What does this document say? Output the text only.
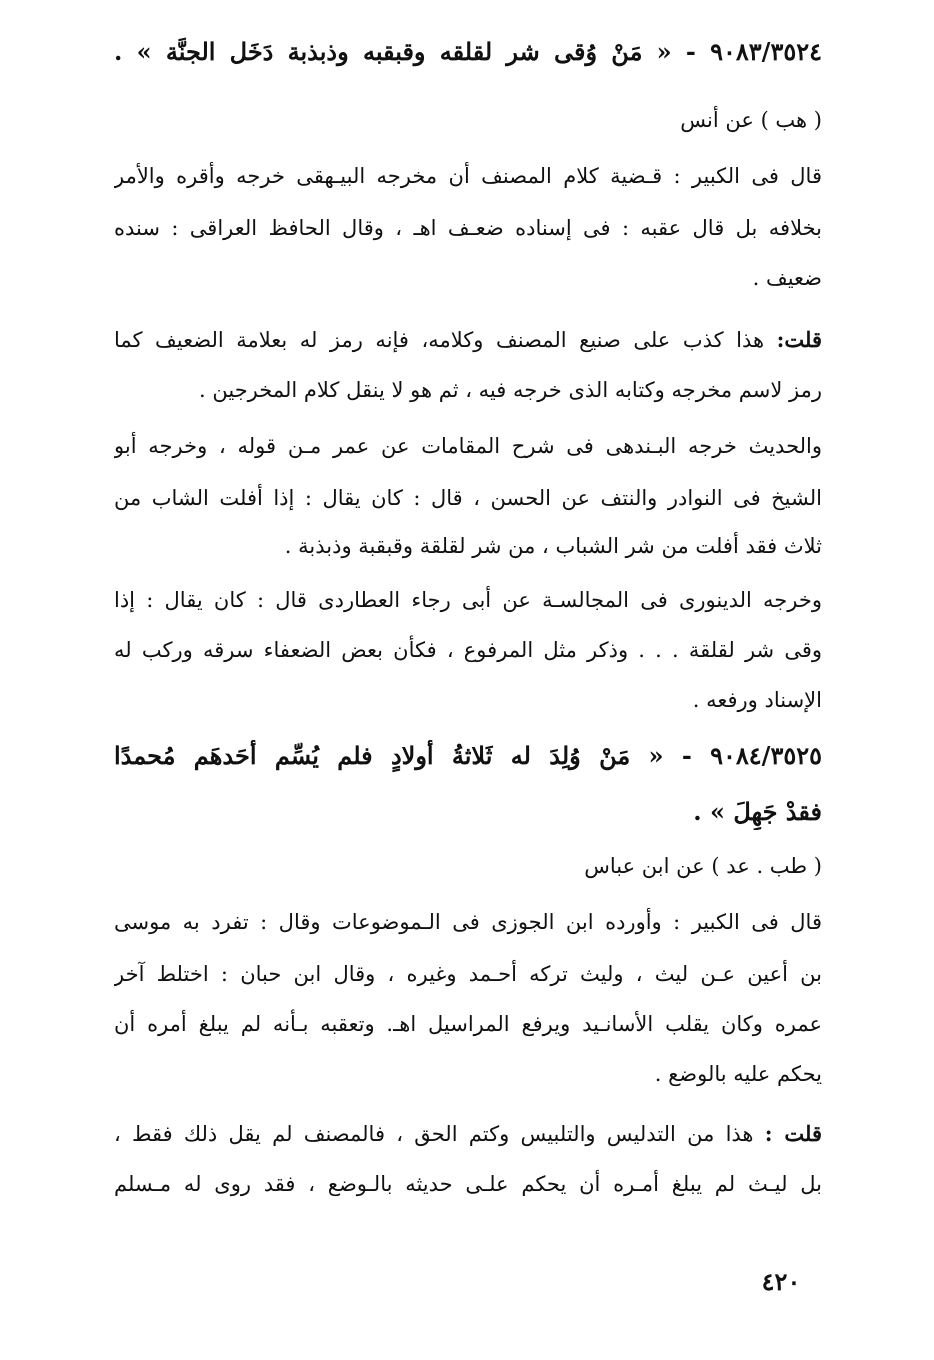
٩٠٨٣/٣٥٢٤ - « مَنْ وُقى شر لقلقه وقبقبه وذبذبة دَخَل الجنَّة » .
( هب ) عن أنس
قال فى الكبير : قـضية كلام المصنف أن مخرجه البيـهقى خرجه وأقره والأمر
بخلافه بل قال عقبه : فى إسناده ضعـف اهـ ، وقال الحافظ العراقى : سنده
ضعيف .
قلت: هذا كذب على صنيع المصنف وكلامه، فإنه رمز له بعلامة الضعيف كما
رمز لاسم مخرجه وكتابه الذى خرجه فيه ، ثم هو لا ينقل كلام المخرجين .
والحديث خرجه البـندهى فى شرح المقامات عن عمر مـن قوله ، وخرجه أبو
الشيخ فى النوادر والنتف عن الحسن ، قال : كان يقال : إذا أفلت الشاب من
ثلاث فقد أفلت من شر الشباب ، من شر لقلقة وقبقبة وذبذبة .
وخرجه الدينورى فى المجالسـة عن أبى رجاء العطاردى قال : كان يقال : إذا
وقى شر لقلقة . . . وذكر مثل المرفوع ، فكأن بعض الضعفاء سرقه وركب له
الإسناد ورفعه .
٩٠٨٤/٣٥٢٥ - « مَنْ وُلِدَ له ثَلاثةُ أولادٍ فلم يُسِّم أحَدهَم مُحمدًا
فقدْ جَهِلَ » .
( طب . عد ) عن ابن عباس
قال فى الكبير : وأورده ابن الجوزى فى الـموضوعات وقال : تفرد به موسى
بن أعين عـن ليث ، وليث تركه أحـمد وغيره ، وقال ابن حبان : اختلط آخر
عمره وكان يقلب الأسانـيد ويرفع المراسيل اهـ. وتعقبه بـأنه لم يبلغ أمره أن
يحكم عليه بالوضع .
قلت : هذا من التدليس والتلبيس وكتم الحق ، فالمصنف لم يقل ذلك فقط ،
بل ليـث لم يبلغ أمـره أن يحكم علـى حديثه بالـوضع ، فقد روى له مـسلم
٤٢٠
